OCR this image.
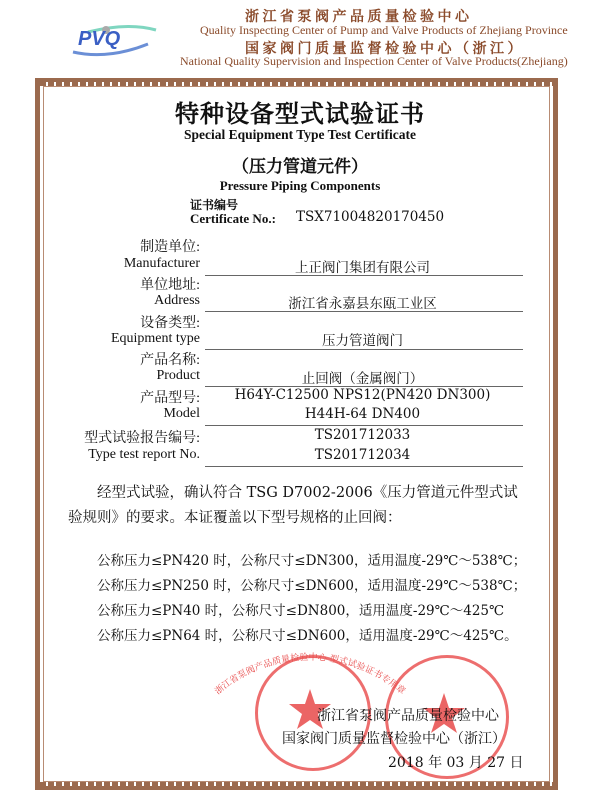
PVQ
浙 江 省 泵 阀 产 品 质 量 检 验 中 心
Quality Inspecting Center of Pump and Valve Products of Zhejiang Province
国 家 阀 门 质 量 监 督 检 验 中 心 （ 浙 江 ）
National Quality Supervision and Inspection Center of Valve Products(Zhejiang)
特种设备型式试验证书
Special Equipment Type Test Certificate
（压力管道元件）
Pressure Piping Components
证书编号
Certificate No.: TSX71004820170450
制造单位:
Manufacturer	上正阀门集团有限公司
单位地址:
Address	浙江省永嘉县东瓯工业区
设备类型:
Equipment type	压力管道阀门
产品名称:
Product	止回阀（金属阀门）
产品型号:	H64Y-C12500 NPS12(PN420 DN300)
Model	H44H-64 DN400
型式试验报告编号:	TS201712033
Type test report No.	TS201712034
经型式试验，确认符合 TSG D7002-2006《压力管道元件型式试
验规则》的要求。本证覆盖以下型号规格的止回阀：
公称压力≤PN420 时，公称尺寸≤DN300，适用温度-29℃～538℃；
公称压力≤PN250 时，公称尺寸≤DN600，适用温度-29℃～538℃；
公称压力≤PN40 时，公称尺寸≤DN800，适用温度-29℃～425℃
公称压力≤PN64 时，公称尺寸≤DN600，适用温度-29℃～425℃。
浙江省泵阀产品质量检验中心 型式试验证书专用章
浙江省泵阀产品质量检验中心
国家阀门质量监督检验中心（浙江）
2018 年 03 月 27 日
